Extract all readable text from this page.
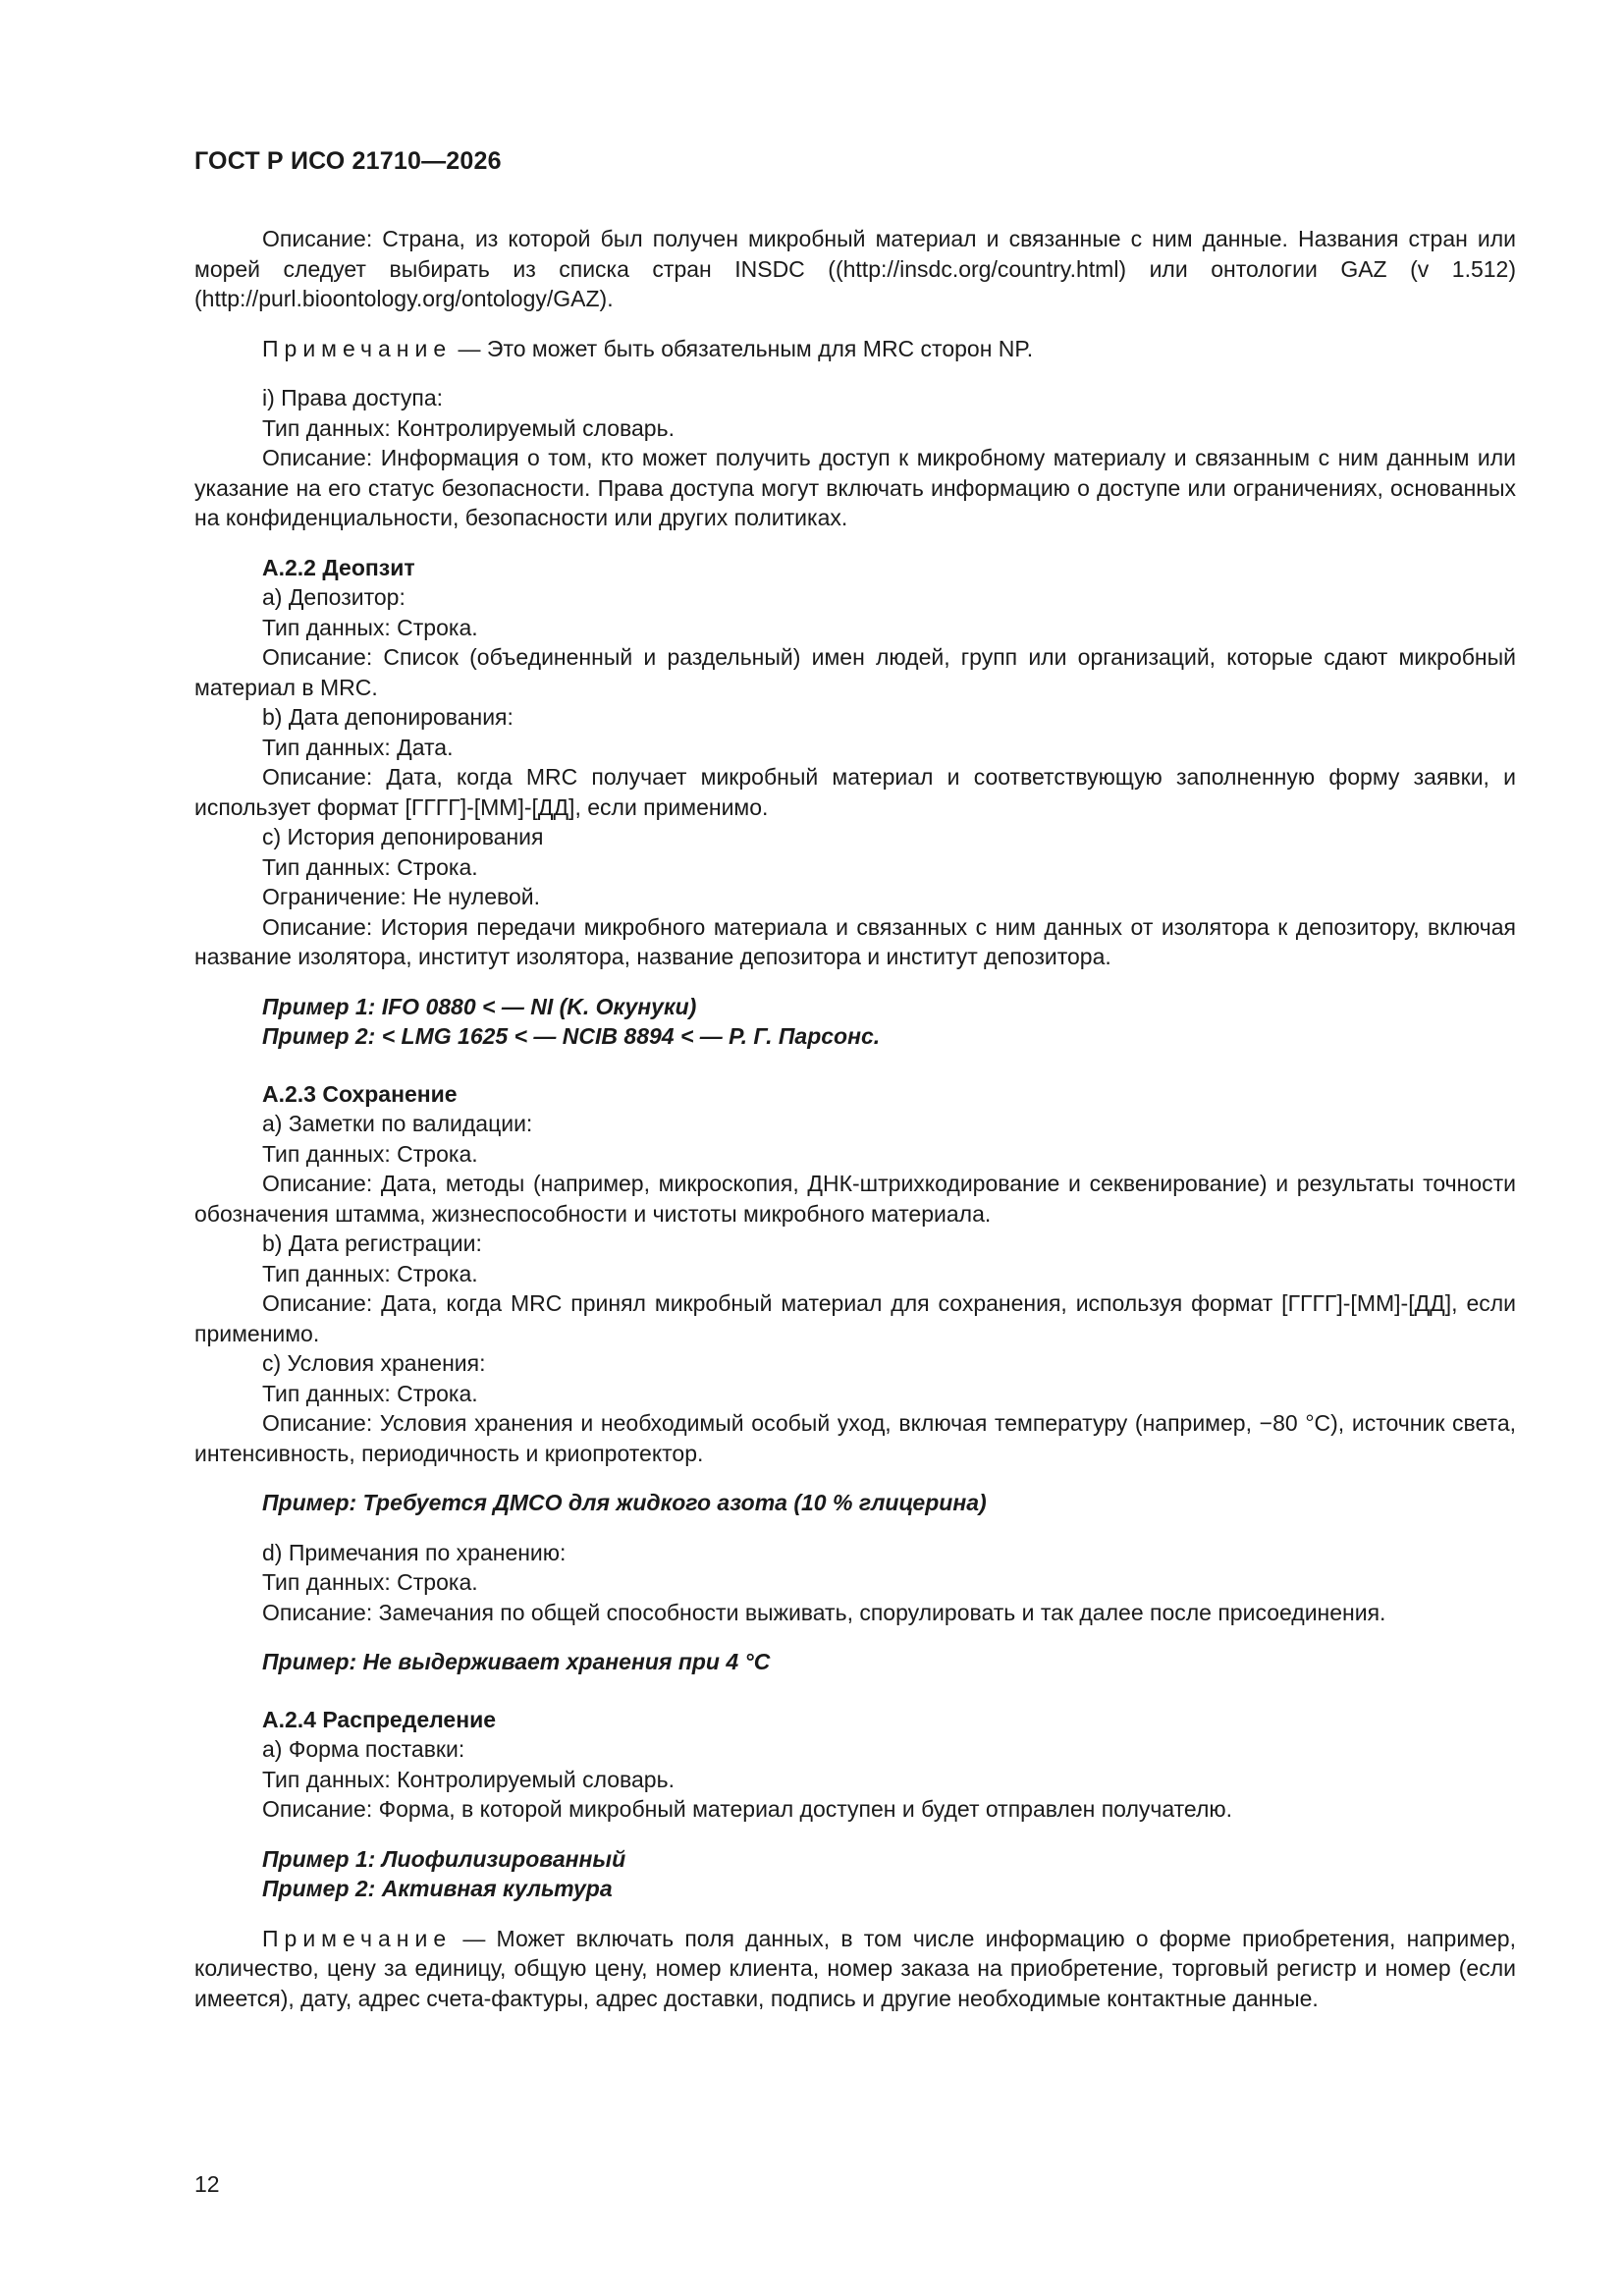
ГОСТ Р ИСО 21710—2026

Описание: Страна, из которой был получен микробный материал и связанные с ним данные. Названия стран или морей следует выбирать из списка стран INSDC ((http://insdc.org/country.html) или онтологии GAZ (v 1.512) (http://purl.bioontology.org/ontology/GAZ).

Примечание — Это может быть обязательным для MRC сторон NP.

i) Права доступа:

Тип данных: Контролируемый словарь.

Описание: Информация о том, кто может получить доступ к микробному материалу и связанным с ним данным или указание на его статус безопасности. Права доступа могут включать информацию о доступе или ограничениях, основанных на конфиденциальности, безопасности или других политиках.

А.2.2 Деопзит

a) Депозитор:

Тип данных: Строка.

Описание: Список (объединенный и раздельный) имен людей, групп или организаций, которые сдают микробный материал в MRC.

b) Дата депонирования:

Тип данных: Дата.

Описание: Дата, когда MRC получает микробный материал и соответствующую заполненную форму заявки, и использует формат [ГГГГ]-[ММ]-[ДД], если применимо.

c) История депонирования

Тип данных: Строка.

Ограничение: Не нулевой.

Описание: История передачи микробного материала и связанных с ним данных от изолятора к депозитору, включая название изолятора, институт изолятора, название депозитора и институт депозитора.

Пример 1: IFO 0880 < — NI (K. Окунуки)

Пример 2: < LMG 1625 < — NCIB 8894 < — Р. Г. Парсонс.

А.2.3 Сохранение

a) Заметки по валидации:

Тип данных: Строка.

Описание: Дата, методы (например, микроскопия, ДНК-штрихкодирование и секвенирование) и результаты точности обозначения штамма, жизнеспособности и чистоты микробного материала.

b) Дата регистрации:

Тип данных: Строка.

Описание: Дата, когда MRC принял микробный материал для сохранения, используя формат [ГГГГ]-[ММ]-[ДД], если применимо.

c) Условия хранения:

Тип данных: Строка.

Описание: Условия хранения и необходимый особый уход, включая температуру (например, −80 °С), источник света, интенсивность, периодичность и криопротектор.

Пример: Требуется ДМСО для жидкого азота (10 % глицерина)

d) Примечания по хранению:

Тип данных: Строка.

Описание: Замечания по общей способности выживать, спорулировать и так далее после присоединения.

Пример: Не выдерживает хранения при 4 °С

А.2.4 Распределение

a) Форма поставки:

Тип данных: Контролируемый словарь.

Описание: Форма, в которой микробный материал доступен и будет отправлен получателю.

Пример 1: Лиофилизированный

Пример 2: Активная культура

Примечание — Может включать поля данных, в том числе информацию о форме приобретения, например, количество, цену за единицу, общую цену, номер клиента, номер заказа на приобретение, торговый регистр и номер (если имеется), дату, адрес счета-фактуры, адрес доставки, подпись и другие необходимые контактные данные.

12
